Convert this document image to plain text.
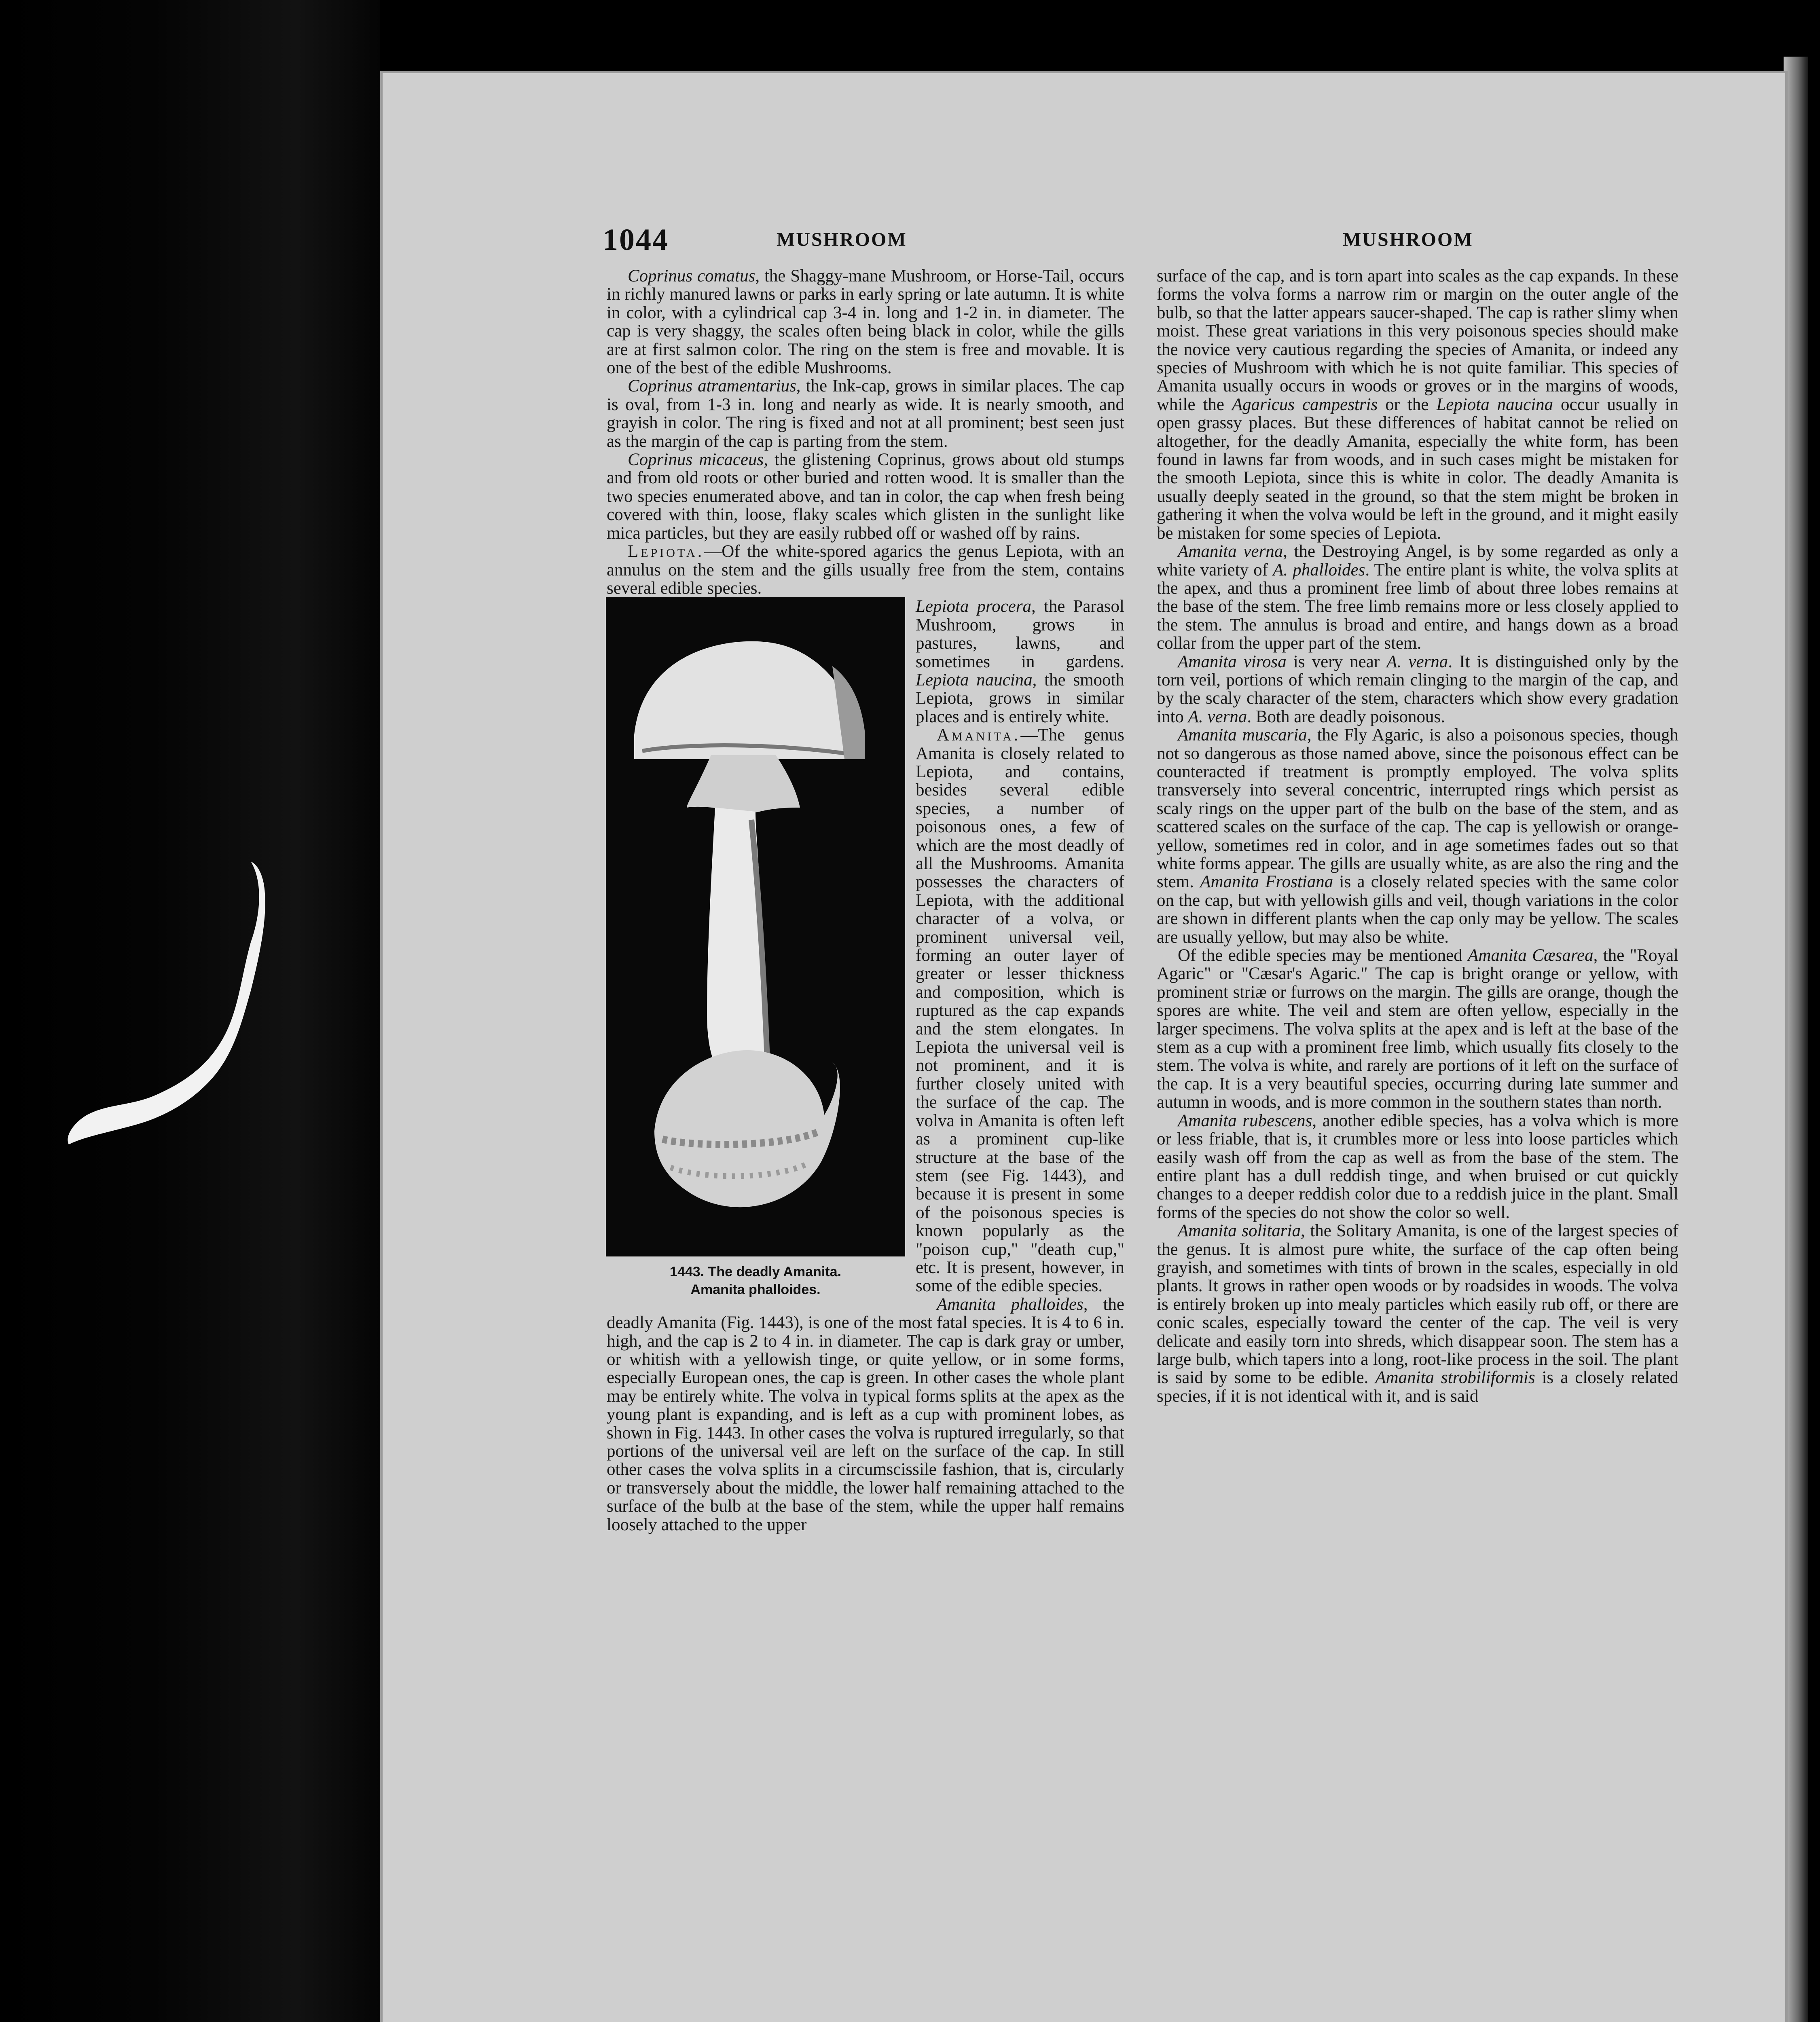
1044	MUSHROOM	MUSHROOM

Coprinus comatus, the Shaggy-mane Mushroom, or Horse-Tail, occurs in richly manured lawns or parks in early spring or late autumn. It is white in color, with a cylindrical cap 3-4 in. long and 1-2 in. in diameter. The cap is very shaggy, the scales often being black in color, while the gills are at first salmon color. The ring on the stem is free and movable. It is one of the best of the edible Mushrooms.

Coprinus atramentarius, the Ink-cap, grows in similar places. The cap is oval, from 1-3 in. long and nearly as wide. It is nearly smooth, and grayish in color. The ring is fixed and not at all prominent; best seen just as the margin of the cap is parting from the stem.

Coprinus micaceus, the glistening Coprinus, grows about old stumps and from old roots or other buried and rotten wood. It is smaller than the two species enumerated above, and tan in color, the cap when fresh being covered with thin, loose, flaky scales which glisten in the sunlight like mica particles, but they are easily rubbed off or washed off by rains.

Lepiota.—Of the white-spored agarics the genus Lepiota, with an annulus on the stem and the gills usually free from the stem, contains several edible species.

1443. The deadly Amanita.
Amanita phalloides.

Lepiota procera, the Parasol Mushroom, grows in pastures, lawns, and sometimes in gardens. Lepiota naucina, the smooth Lepiota, grows in similar places and is entirely white.

Amanita.—The genus Amanita is closely related to Lepiota, and contains, besides several edible species, a number of poisonous ones, a few of which are the most deadly of all the Mushrooms. Amanita possesses the characters of Lepiota, with the additional character of a volva, or prominent universal veil, forming an outer layer of greater or lesser thickness and composition, which is ruptured as the cap expands and the stem elongates. In Lepiota the universal veil is not prominent, and it is further closely united with the surface of the cap. The volva in Amanita is often left as a prominent cup-like structure at the base of the stem (see Fig. 1443), and because it is present in some of the poisonous species is known popularly as the "poison cup," "death cup," etc. It is present, however, in some of the edible species.

Amanita phalloides, the deadly Amanita (Fig. 1443), is one of the most fatal species. It is 4 to 6 in. high, and the cap is 2 to 4 in. in diameter. The cap is dark gray or umber, or whitish with a yellowish tinge, or quite yellow, or in some forms, especially European ones, the cap is green. In other cases the whole plant may be entirely white. The volva in typical forms splits at the apex as the young plant is expanding, and is left as a cup with prominent lobes, as shown in Fig. 1443. In other cases the volva is ruptured irregularly, so that portions of the universal veil are left on the surface of the cap. In still other cases the volva splits in a circumscissile fashion, that is, circularly or transversely about the middle, the lower half remaining attached to the surface of the bulb at the base of the stem, while the upper half remains loosely attached to the upper

surface of the cap, and is torn apart into scales as the cap expands. In these forms the volva forms a narrow rim or margin on the outer angle of the bulb, so that the latter appears saucer-shaped. The cap is rather slimy when moist. These great variations in this very poisonous species should make the novice very cautious regarding the species of Amanita, or indeed any species of Mushroom with which he is not quite familiar. This species of Amanita usually occurs in woods or groves or in the margins of woods, while the Agaricus campestris or the Lepiota naucina occur usually in open grassy places. But these differences of habitat cannot be relied on altogether, for the deadly Amanita, especially the white form, has been found in lawns far from woods, and in such cases might be mistaken for the smooth Lepiota, since this is white in color. The deadly Amanita is usually deeply seated in the ground, so that the stem might be broken in gathering it when the volva would be left in the ground, and it might easily be mistaken for some species of Lepiota.

Amanita verna, the Destroying Angel, is by some regarded as only a white variety of A. phalloides. The entire plant is white, the volva splits at the apex, and thus a prominent free limb of about three lobes remains at the base of the stem. The free limb remains more or less closely applied to the stem. The annulus is broad and entire, and hangs down as a broad collar from the upper part of the stem.

Amanita virosa is very near A. verna. It is distinguished only by the torn veil, portions of which remain clinging to the margin of the cap, and by the scaly character of the stem, characters which show every gradation into A. verna. Both are deadly poisonous.

Amanita muscaria, the Fly Agaric, is also a poisonous species, though not so dangerous as those named above, since the poisonous effect can be counteracted if treatment is promptly employed. The volva splits transversely into several concentric, interrupted rings which persist as scaly rings on the upper part of the bulb on the base of the stem, and as scattered scales on the surface of the cap. The cap is yellowish or orange-yellow, sometimes red in color, and in age sometimes fades out so that white forms appear. The gills are usually white, as are also the ring and the stem. Amanita Frostiana is a closely related species with the same color on the cap, but with yellowish gills and veil, though variations in the color are shown in different plants when the cap only may be yellow. The scales are usually yellow, but may also be white.

Of the edible species may be mentioned Amanita Cæsarea, the "Royal Agaric" or "Cæsar's Agaric." The cap is bright orange or yellow, with prominent striæ or furrows on the margin. The gills are orange, though the spores are white. The veil and stem are often yellow, especially in the larger specimens. The volva splits at the apex and is left at the base of the stem as a cup with a prominent free limb, which usually fits closely to the stem. The volva is white, and rarely are portions of it left on the surface of the cap. It is a very beautiful species, occurring during late summer and autumn in woods, and is more common in the southern states than north.

Amanita rubescens, another edible species, has a volva which is more or less friable, that is, it crumbles more or less into loose particles which easily wash off from the cap as well as from the base of the stem. The entire plant has a dull reddish tinge, and when bruised or cut quickly changes to a deeper reddish color due to a reddish juice in the plant. Small forms of the species do not show the color so well.

Amanita solitaria, the Solitary Amanita, is one of the largest species of the genus. It is almost pure white, the surface of the cap often being grayish, and sometimes with tints of brown in the scales, especially in old plants. It grows in rather open woods or by roadsides in woods. The volva is entirely broken up into mealy particles which easily rub off, or there are conic scales, especially toward the center of the cap. The veil is very delicate and easily torn into shreds, which disappear soon. The stem has a large bulb, which tapers into a long, root-like process in the soil. The plant is said by some to be edible. Amanita strobiliformis is a closely related species, if it is not identical with it, and is said
